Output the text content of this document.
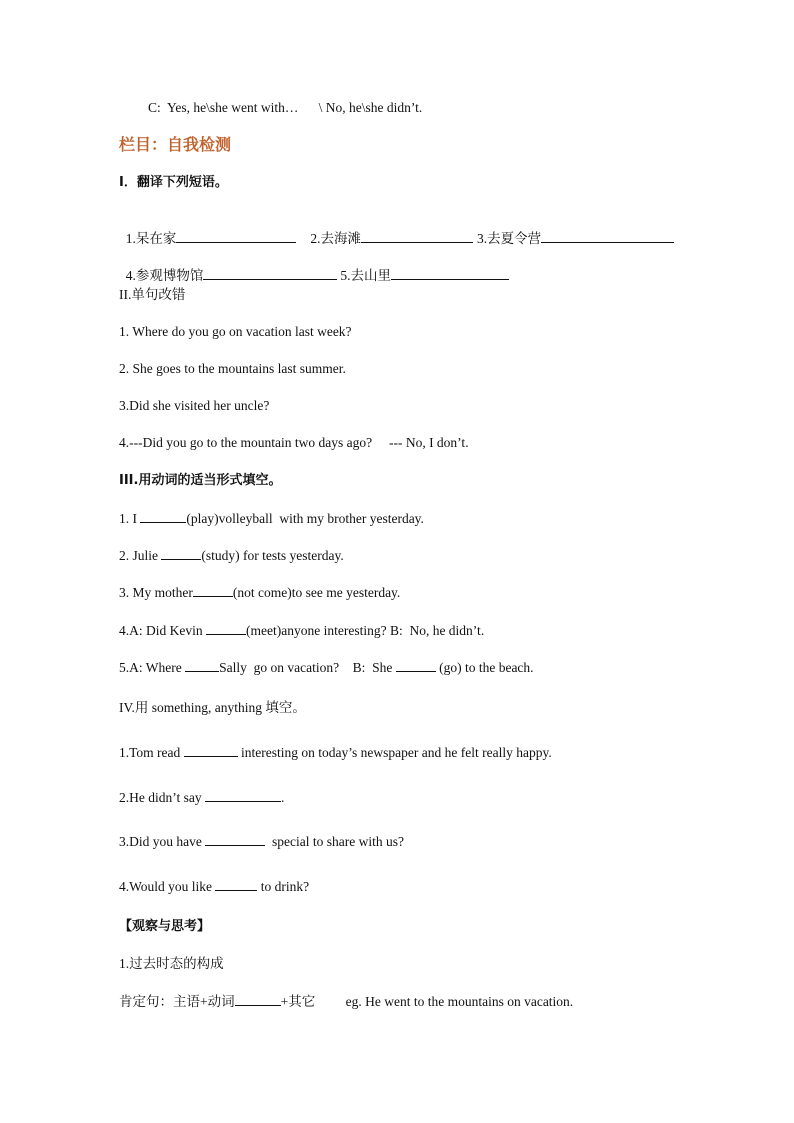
C:  Yes, he\she went with…      \ No, he\she didn’t.
栏目：自我检测
I．翻译下列短语。

1.呆在家	2.去海滩	3.去夏令营

4.参观博物馆	5.去山里

II.单句改错
1. Where do you go on vacation last week?
2. She goes to the mountains last summer.
3.Did she visited her uncle?
4.---Did you go to the mountain two days ago?     --- No, I don’t.
III.用动词的适当形式填空。
1. I	(play)volleyball  with my brother yesterday.
2. Julie	(study) for tests yesterday.
3. My mother	(not come)to see me yesterday.
4.A: Did Kevin	(meet)anyone interesting? B:  No, he didn’t.
5.A: Where	Sally  go on vacation?    B:  She	(go) to the beach.
IV.用 something, anything 填空。
1.Tom read	interesting on today’s newspaper and he felt really happy.
2.He didn’t say	.
3.Did you have	special to share with us?
4.Would you like	to drink?
【观察与思考】
1.过去时态的构成
肯定句：主语+动词	+其它         eg. He went to the mountains on vacation.
